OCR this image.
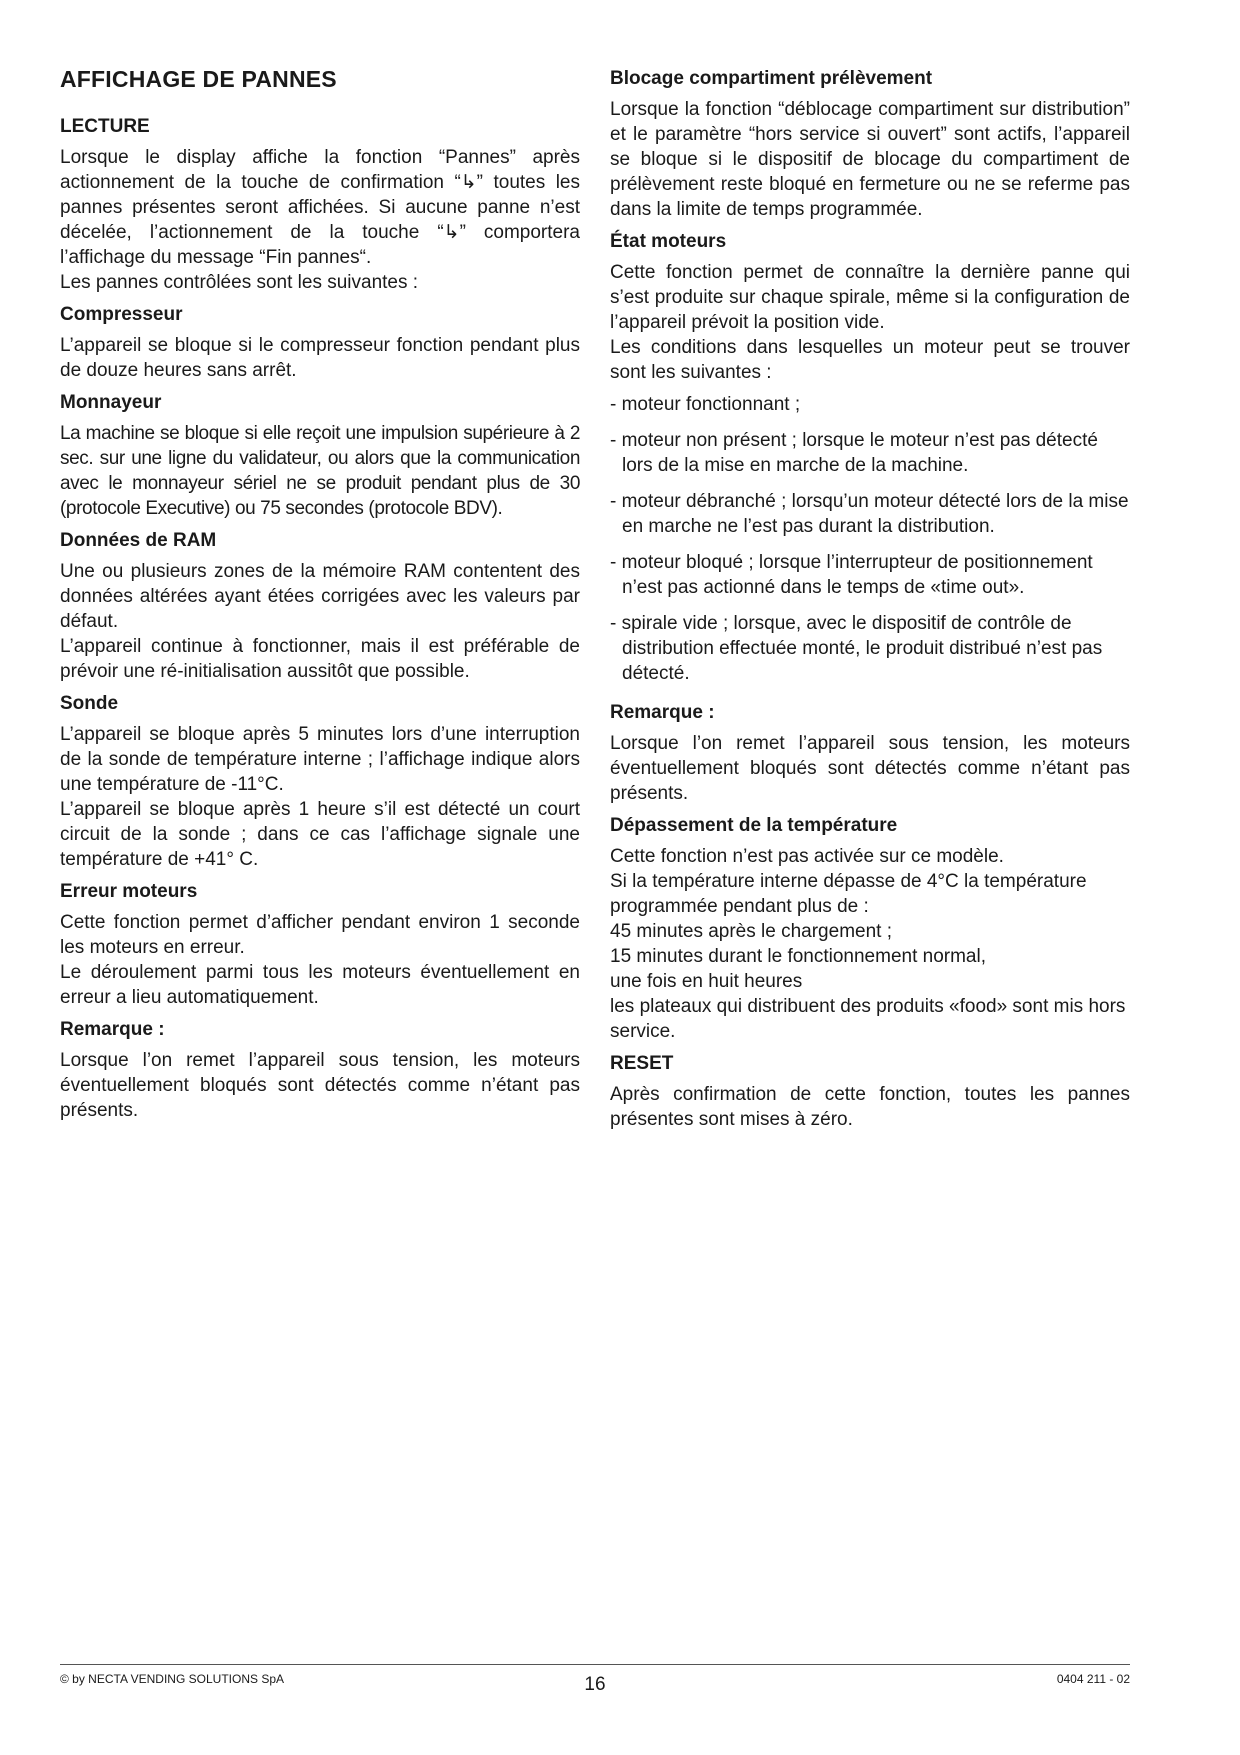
AFFICHAGE DE PANNES
LECTURE

Lorsque le display affiche la fonction “Pannes” après actionnement de la touche de confirmation “↳” toutes les pannes présentes seront affichées. Si aucune panne n’est décelée, l’actionnement de la touche “↳” comportera l’affichage du message “Fin pannes“.
Les pannes contrôlées sont les suivantes :

Compresseur

L’appareil se bloque si le compresseur fonction pendant plus de douze heures sans arrêt.

Monnayeur

La machine se bloque si elle reçoit une impulsion supérieure à 2 sec. sur une ligne du validateur, ou alors que la communication avec le monnayeur sériel ne se produit pendant plus de 30 (protocole Executive) ou 75 secondes (protocole BDV).

Données de RAM

Une ou plusieurs zones de la mémoire RAM contentent des données altérées ayant étées corrigées avec les valeurs par défaut.
L’appareil continue à fonctionner, mais il est préférable de prévoir une ré-initialisation aussitôt que possible.

Sonde

L’appareil se bloque après 5 minutes lors d’une interruption de la sonde de température interne ; l’affichage indique alors une température de -11°C.
L’appareil se bloque après 1 heure s’il est détecté un court circuit de la sonde ; dans ce cas l’affichage signale une température de +41° C.

Erreur moteurs

Cette fonction permet d’afficher pendant environ 1 seconde les moteurs en erreur.
Le déroulement parmi tous les moteurs éventuellement en erreur a lieu automatiquement.

Remarque :

Lorsque l’on remet l’appareil sous tension, les moteurs éventuellement bloqués sont détectés comme n’étant pas présents.

Blocage compartiment prélèvement

Lorsque la fonction “déblocage compartiment sur distribution” et le paramètre “hors service si ouvert” sont actifs, l’appareil se bloque si le dispositif de blocage du compartiment de prélèvement reste bloqué en fermeture ou ne se referme pas dans la limite de temps programmée.

État moteurs

Cette fonction permet de connaître la dernière panne qui s’est produite sur chaque spirale, même si la configuration de l’appareil prévoit la position vide.
Les conditions dans lesquelles un moteur peut se trouver sont les suivantes :

- moteur fonctionnant ;
- moteur non présent ; lorsque le moteur n’est pas détecté lors de la mise en marche de la machine.
- moteur débranché ; lorsqu’un moteur détecté lors de la mise en marche ne l’est pas durant la distribution.
- moteur bloqué ; lorsque l’interrupteur de positionnement n’est pas actionné dans le temps de «time out».
- spirale vide ; lorsque, avec le dispositif de contrôle de distribution effectuée monté, le produit distribué n’est pas détecté.
Remarque :

Lorsque l’on remet l’appareil sous tension, les moteurs éventuellement bloqués sont détectés comme n’étant pas présents.

Dépassement de la température

Cette fonction n’est pas activée sur ce modèle.
Si la température interne dépasse de 4°C la température programmée pendant plus de :
45 minutes après le chargement ;
15 minutes durant le fonctionnement normal,
une fois en huit heures
les plateaux qui distribuent des produits «food» sont mis hors service.

RESET

Après confirmation de cette fonction, toutes les pannes présentes sont mises à zéro.

© by NECTA VENDING SOLUTIONS SpA	16	0404 211 - 02
